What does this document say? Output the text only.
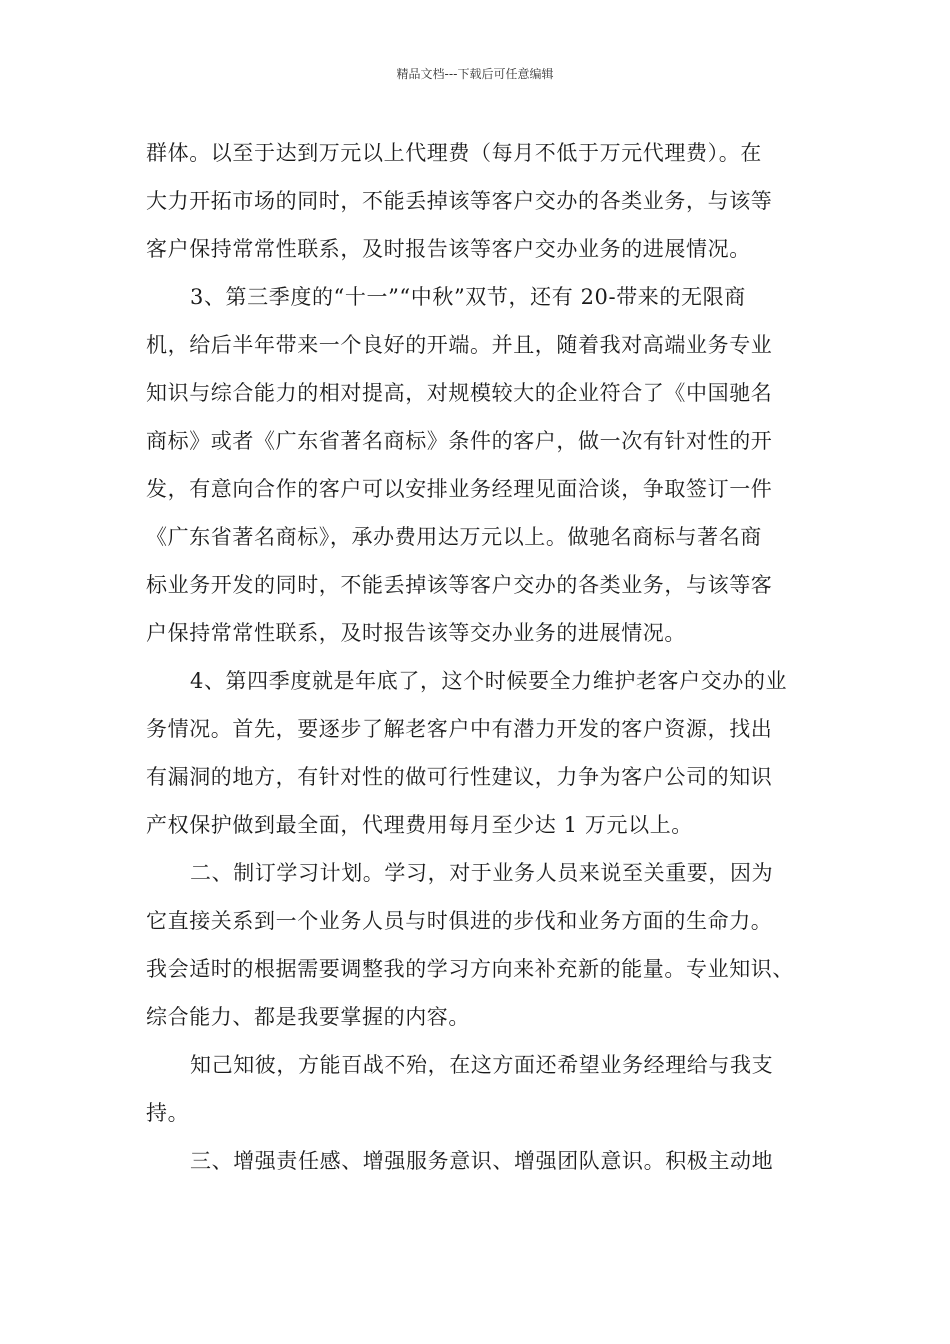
精品文档---下载后可任意编辑
群体。以至于达到万元以上代理费（每月不低于万元代理费）。在
大力开拓市场的同时，不能丢掉该等客户交办的各类业务，与该等
客户保持常常性联系，及时报告该等客户交办业务的进展情况。
3、第三季度的“十一”“中秋”双节，还有 20-带来的无限商
机，给后半年带来一个良好的开端。并且，随着我对高端业务专业
知识与综合能力的相对提高，对规模较大的企业符合了《中国驰名
商标》或者《广东省著名商标》条件的客户，做一次有针对性的开
发，有意向合作的客户可以安排业务经理见面洽谈，争取签订一件
《广东省著名商标》，承办费用达万元以上。做驰名商标与著名商
标业务开发的同时，不能丢掉该等客户交办的各类业务，与该等客
户保持常常性联系，及时报告该等交办业务的进展情况。
4、第四季度就是年底了，这个时候要全力维护老客户交办的业
务情况。首先，要逐步了解老客户中有潜力开发的客户资源，找出
有漏洞的地方，有针对性的做可行性建议，力争为客户公司的知识
产权保护做到最全面，代理费用每月至少达 1 万元以上。
二、制订学习计划。学习，对于业务人员来说至关重要，因为
它直接关系到一个业务人员与时俱进的步伐和业务方面的生命力。
我会适时的根据需要调整我的学习方向来补充新的能量。专业知识、
综合能力、都是我要掌握的内容。
知己知彼，方能百战不殆，在这方面还希望业务经理给与我支
持。
三、增强责任感、增强服务意识、增强团队意识。积极主动地
